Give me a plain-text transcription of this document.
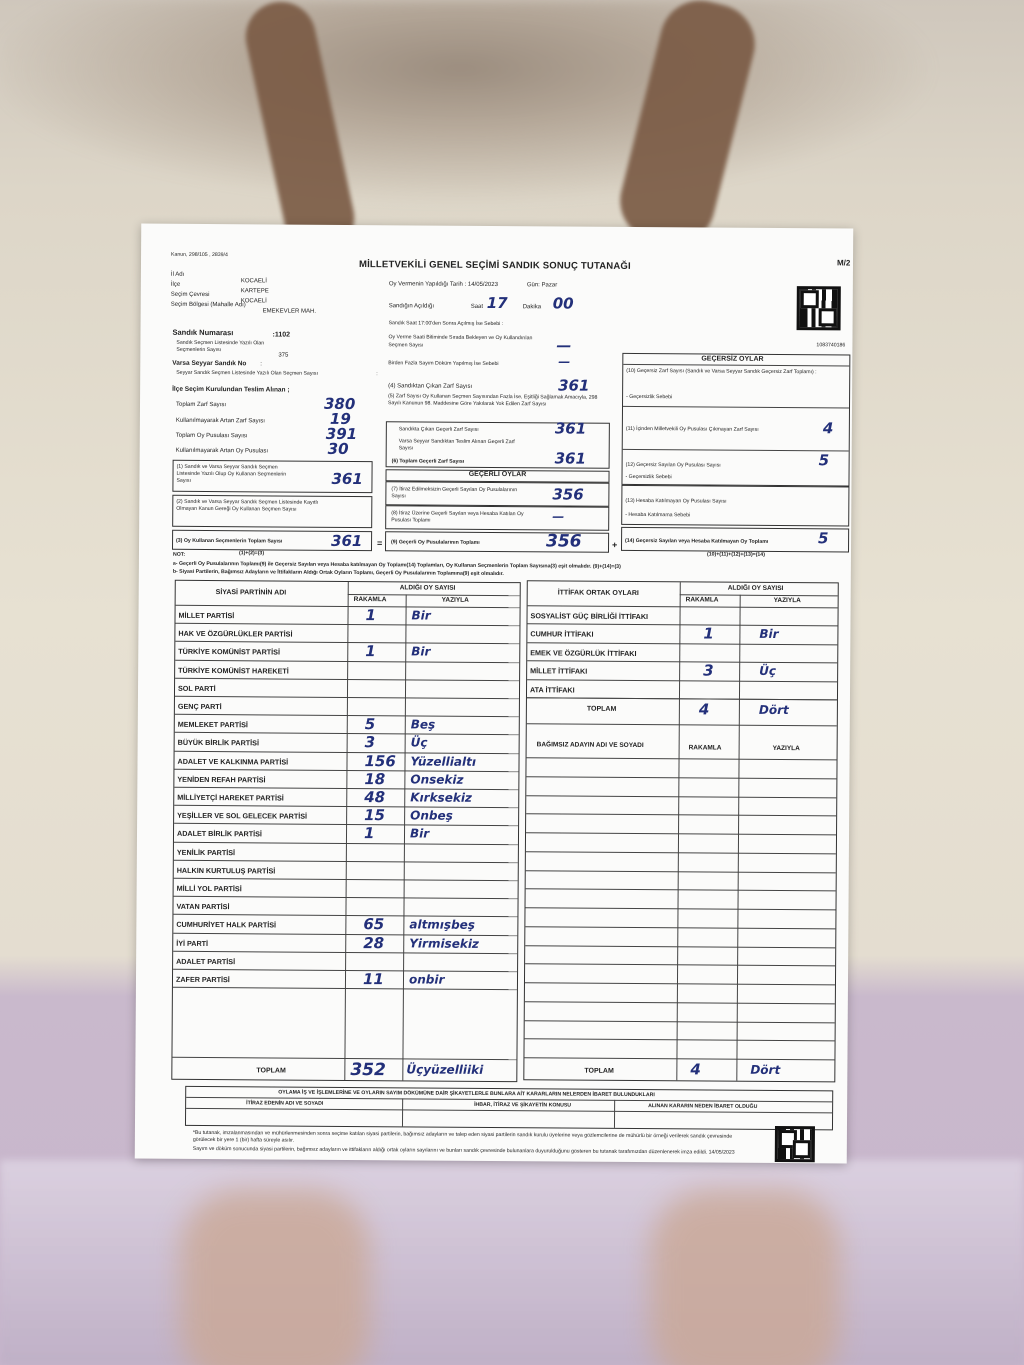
Kanun, 298/105 , 2839/4
MİLLETVEKİLİ GENEL SEÇİMİ SANDIK SONUÇ TUTANAĞI	M/2
1083740186
İl Adı
KOCAELİ
İlçe
KARTEPE
Seçim Çevresi
KOCAELİ
Seçim Bölgesi (Mahalle Adı)
EMEKEVLER MAH.
Sandık Numarası	:1102
Sandık Seçmen Listesinde Yazılı Olan Seçmenlerin Sayısı
375
Varsa Seyyar Sandık No :
Seyyar Sandık Seçmen Listesinde Yazılı Olan Seçmen Sayısı	:
Oy Vermenin Yapıldığı Tarih : 14/05/2023	Gün: Pazar
Sandığın Açıldığı	Saat 17	Dakika 00
Sandık Saat 17:00'den Sonra Açılmış İse Sebebi :
Oy Verme Saati Bitiminde Sırada Bekleyen ve Oy Kullandırılan Seçmen Sayısı	—
Birden Fazla Sayım Döküm Yapılmış İse Sebebi	—
İlçe Seçim Kurulundan Teslim Alınan ;
Toplam Zarf Sayısı	380
Kullanılmayarak Artan Zarf Sayısı	19
Toplam Oy Pusulası Sayısı	391
Kullanılmayarak Artan Oy Pusulası	30
(1) Sandık ve Varsa Seyyar Sandık Seçmen Listesinde Yazılı Olup Oy Kullanan Seçmenlerin Sayısı	361
(2) Sandık ve Varsa Seyyar Sandık Seçmen Listesinde Kayıtlı Olmayan Kanun Gereği Oy Kullanan Seçmen Sayısı
(3) Oy Kullanan Seçmenlerin Toplam Sayısı	361 =
(4) Sandıktan Çıkan Zarf Sayısı	361
(5) Zarf Sayısı Oy Kullanan Seçmen Sayısından Fazla İse, Eşitliği Sağlamak Amacıyla, 298 Sayılı Kanunun 98. Maddesine Göre Yakılarak Yok Edilen Zarf Sayısı
Sandıkta Çıkan Geçerli Zarf Sayısı	361
Varsa Seyyar Sandıktan Teslim Alınan Geçerli Zarf Sayısı
(6) Toplam Geçerli Zarf Sayısı	361
GEÇERLİ OYLAR
(7) İtiraz Edilmeksizin Geçerli Sayılan Oy Pusulalarının Sayısı	356
(8) İtiraz Üzerine Geçerli Sayılan veya Hesaba Katılan Oy Pusulası Toplamı	—
(9) Geçerli Oy Pusulalarının Toplamı	356	+
GEÇERSİZ OYLAR
(10) Geçersiz Zarf Sayısı (Sandık ve Varsa Seyyar Sandık Geçersiz Zarf Toplamı) :
- Geçersizlik Sebebi
(11) İçinden Milletvekili Oy Pusulası Çıkmayan Zarf Sayısı	4
(12) Geçersiz Sayılan Oy Pusulası Sayısı	5
- Geçersizlik Sebebi
(13) Hesaba Katılmayan Oy Pusulası Sayısı
- Hesaba Katılmama Sebebi
(14) Geçersiz Sayılan veya Hesaba Katılmayan Oy Toplamı	5
NOT:	(1)+(2)=(3)	(10)+(11)+(12)+(13)=(14)
a- Geçerli Oy Pusulalarının Toplamı(9) ile Geçersiz Sayılan veya Hesaba katılmayan Oy Toplamı(14) Toplamları, Oy Kullanan Seçmenlerin Toplam Sayısına(3) eşit olmalıdır. (9)+(14)=(3)
b- Siyasi Partilerin, Bağımsız Adayların ve İttifakların Aldığı Ortak Oyların Toplamı, Geçerli Oy Pusulalarının Toplamına(9) eşit olmalıdır.
SİYASİ PARTİNİN ADI
ALDIĞI OY SAYISI
RAKAMLA	YAZIYLA
MİLLET PARTİSİ	1	Bir
HAK VE ÖZGÜRLÜKLER PARTİSİ
TÜRKİYE KOMÜNİST PARTİSİ	1	Bir
TÜRKİYE KOMÜNİST HAREKETİ
SOL PARTİ
GENÇ PARTİ
MEMLEKET PARTİSİ	5	Beş
BÜYÜK BİRLİK PARTİSİ	3	Üç
ADALET VE KALKINMA PARTİSİ	156 Yüzellialtı
YENİDEN REFAH PARTİSİ	18 Onsekiz
MİLLİYETÇİ HAREKET PARTİSİ	48 Kırksekiz
YEŞİLLER VE SOL GELECEK PARTİSİ	15 Onbeş
ADALET BİRLİK PARTİSİ	1	Bir
YENİLİK PARTİSİ
HALKIN KURTULUŞ PARTİSİ
MİLLİ YOL PARTİSİ
VATAN PARTİSİ
CUMHURİYET HALK PARTİSİ	65 altmışbeş
İYİ PARTİ	28 Yirmisekiz
ADALET PARTİSİ
ZAFER PARTİSİ	11 onbir
TOPLAM	352 Üçyüzelliiki
İTTİFAK ORTAK OYLARI
ALDIĞI OY SAYISI
RAKAMLA	YAZIYLA
SOSYALİST GÜÇ BİRLİĞİ İTTİFAKI
CUMHUR İTTİFAKI	1	Bir
EMEK VE ÖZGÜRLÜK İTTİFAKI
MİLLET İTTİFAKI	3	Üç
ATA İTTİFAKI
TOPLAM	4	Dört
BAĞIMSIZ ADAYIN ADI VE SOYADI	RAKAMLA	YAZIYLA
TOPLAM	4	Dört
OYLAMA İŞ VE İŞLEMLERİNE VE OYLARIN SAYIM DÖKÜMÜNE DAİR ŞİKAYETLERLE BUNLARA AİT KARARLARIN NELERDEN İBARET BULUNDUKLARI
İTİRAZ EDENİN ADI VE SOYADI	İHBAR, İTİRAZ VE ŞİKAYETİN KONUSU	ALINAN KARARIN NEDEN İBARET OLDUĞU
*Bu tutanak, imzalanmasından ve mühürlenmesinden sonra seçime katılan siyasi partilerin, bağımsız adayların ve talep eden siyasi partilerin sandık kurulu üyelerine veya gözlemcilerine de mühürlü bir örneği verilerek sandık çevresinde görülecek bir yere 1 (bir) hafta süreyle asılır.
Sayım ve döküm sonucunda siyasi partilerin, bağımsız adayların ve ittifakların aldığı ortak oyların sayılarını ve bunları sandık çevresinde bulunanlara duyurulduğunu gösteren bu tutanak tarafımızdan düzenlenerek imza edildi. 14/05/2023
